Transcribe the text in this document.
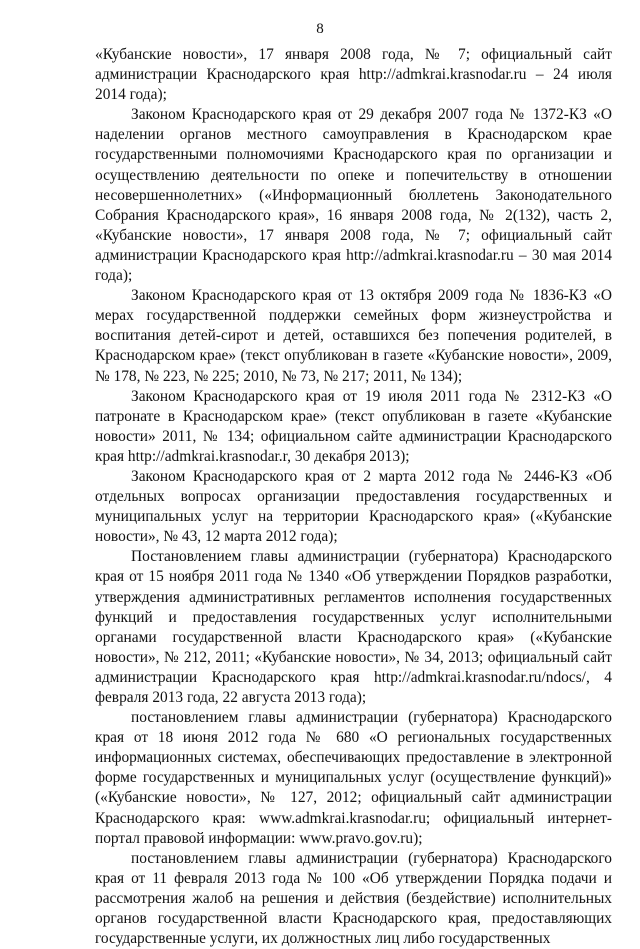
8

«Кубанские новости», 17 января 2008 года, № 7; официальный сайт администрации Краснодарского края http://admkrai.krasnodar.ru – 24 июля 2014 года);

Законом Краснодарского края от 29 декабря 2007 года № 1372-КЗ «О наделении органов местного самоуправления в Краснодарском крае государственными полномочиями Краснодарского края по организации и осуществлению деятельности по опеке и попечительству в отношении несовершеннолетних» («Информационный бюллетень Законодательного Собрания Краснодарского края», 16 января 2008 года, № 2(132), часть 2, «Кубанские новости», 17 января 2008 года, № 7; официальный сайт администрации Краснодарского края http://admkrai.krasnodar.ru – 30 мая 2014 года);

Законом Краснодарского края от 13 октября 2009 года № 1836-КЗ «О мерах государственной поддержки семейных форм жизнеустройства и воспитания детей-сирот и детей, оставшихся без попечения родителей, в Краснодарском крае» (текст опубликован в газете «Кубанские новости», 2009, № 178, № 223, № 225; 2010, № 73, № 217; 2011, № 134);

Законом Краснодарского края от 19 июля 2011 года № 2312-КЗ «О патронате в Краснодарском крае» (текст опубликован в газете «Кубанские новости» 2011, № 134; официальном сайте администрации Краснодарского края http://admkrai.krasnodar.r, 30 декабря 2013);

Законом Краснодарского края от 2 марта 2012 года № 2446-КЗ «Об отдельных вопросах организации предоставления государственных и муниципальных услуг на территории Краснодарского края» («Кубанские новости», № 43, 12 марта 2012 года);

Постановлением главы администрации (губернатора) Краснодарского края от 15 ноября 2011 года № 1340 «Об утверждении Порядков разработки, утверждения административных регламентов исполнения государственных функций и предоставления государственных услуг исполнительными органами государственной власти Краснодарского края» («Кубанские новости», № 212, 2011; «Кубанские новости», № 34, 2013; официальный сайт администрации Краснодарского края http://admkrai.krasnodar.ru/ndocs/, 4 февраля 2013 года, 22 августа 2013 года);

постановлением главы администрации (губернатора) Краснодарского края от 18 июня 2012 года № 680 «О региональных государственных информационных системах, обеспечивающих предоставление в электронной форме государственных и муниципальных услуг (осуществление функций)» («Кубанские новости», № 127, 2012; официальный сайт администрации Краснодарского края: www.admkrai.krasnodar.ru; официальный интернет-портал правовой информации: www.pravo.gov.ru);

постановлением главы администрации (губернатора) Краснодарского края от 11 февраля 2013 года № 100 «Об утверждении Порядка подачи и рассмотрения жалоб на решения и действия (бездействие) исполнительных органов государственной власти Краснодарского края, предоставляющих государственные услуги, их должностных лиц либо государственных
